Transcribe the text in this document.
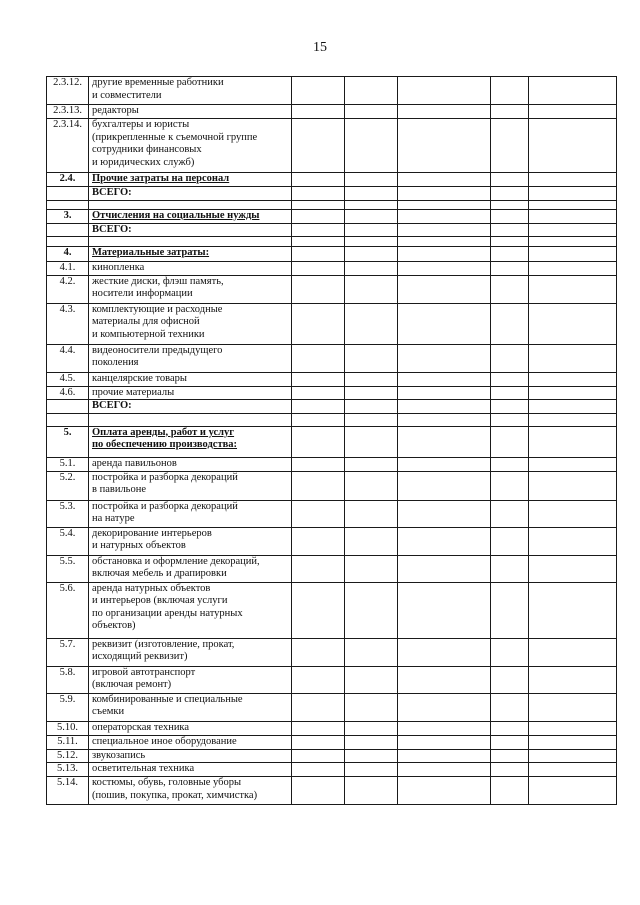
15
2.3.12.	другие временные работники
и совместители					
2.3.13.	редакторы					
2.3.14.	бухгалтеры и юристы
(прикрепленные к съемочной группе
сотрудники финансовых
и юридических служб)					
2.4.	Прочие затраты на персонал					
	ВСЕГО:					

3.	Отчисления на социальные нужды					
	ВСЕГО:					

4.	Материальные затраты:					
4.1.	кинопленка					
4.2.	жесткие диски, флэш память,
носители информации					
4.3.	комплектующие и расходные
материалы для офисной
и компьютерной техники					
4.4.	видеоносители предыдущего
поколения					
4.5.	канцелярские товары					
4.6.	прочие материалы					
	ВСЕГО:					

5.	Оплата аренды, работ и услуг
по обеспечению производства:					
5.1.	аренда павильонов					
5.2.	постройка и разборка декораций
в павильоне					
5.3.	постройка и разборка декораций
на натуре					
5.4.	декорирование интерьеров
и натурных объектов					
5.5.	обстановка и оформление декораций,
включая мебель и драпировки					
5.6.	аренда натурных объектов
и интерьеров (включая услуги
по организации аренды натурных
объектов)					
5.7.	реквизит (изготовление, прокат,
исходящий реквизит)					
5.8.	игровой автотранспорт
(включая ремонт)					
5.9.	комбинированные и специальные
съемки					
5.10.	операторская техника					
5.11.	специальное иное оборудование					
5.12.	звукозапись					
5.13.	осветительная техника					
5.14.	костюмы, обувь, головные уборы
(пошив, покупка, прокат, химчистка)					
